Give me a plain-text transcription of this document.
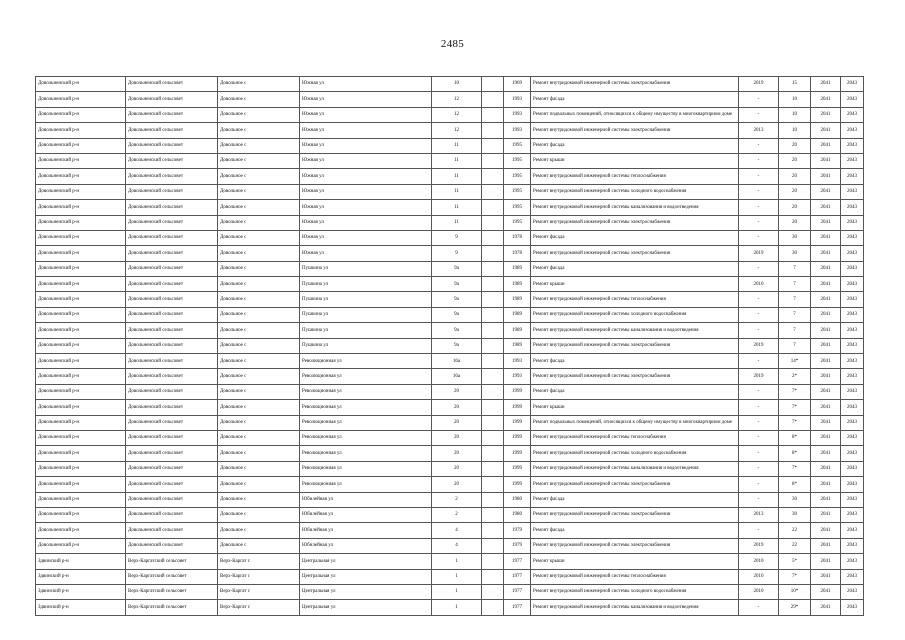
2485
Довольненский р-н	Довольненский сельсовет	Довольное с	Южная ул	10		1969	Ремонт внутридомовой инженерной системы электроснабжения	2019	15	2041	2043
Довольненский р-н	Довольненский сельсовет	Довольное с	Южная ул	12		1993	Ремонт фасада	-	10	2041	2043
Довольненский р-н	Довольненский сельсовет	Довольное с	Южная ул	12		1993	Ремонт подвальных помещений, относящихся к общему имуществу в многоквартирном доме	-	10	2041	2043
Довольненский р-н	Довольненский сельсовет	Довольное с	Южная ул	12		1993	Ремонт внутридомовой инженерной системы электроснабжения	2013	10	2041	2043
Довольненский р-н	Довольненский сельсовет	Довольное с	Южная ул	11		1995	Ремонт фасада	-	20	2041	2043
Довольненский р-н	Довольненский сельсовет	Довольное с	Южная ул	11		1995	Ремонт крыши	-	20	2041	2043
Довольненский р-н	Довольненский сельсовет	Довольное с	Южная ул	11		1995	Ремонт внутридомовой инженерной системы теплоснабжения	-	20	2041	2043
Довольненский р-н	Довольненский сельсовет	Довольное с	Южная ул	11		1995	Ремонт внутридомовой инженерной системы холодного водоснабжения	-	20	2041	2043
Довольненский р-н	Довольненский сельсовет	Довольное с	Южная ул	11		1995	Ремонт внутридомовой инженерной системы канализования и водоотведения	-	20	2041	2043
Довольненский р-н	Довольненский сельсовет	Довольное с	Южная ул	11		1995	Ремонт внутридомовой инженерной системы электроснабжения	-	20	2041	2043
Довольненский р-н	Довольненский сельсовет	Довольное с	Южная ул	9		1978	Ремонт фасада	-	30	2041	2043
Довольненский р-н	Довольненский сельсовет	Довольное с	Южная ул	9		1978	Ремонт внутридомовой инженерной системы электроснабжения	2019	30	2041	2043
Довольненский р-н	Довольненский сельсовет	Довольное с	Пушкина ул	9а		1989	Ремонт фасада	-	7	2041	2043
Довольненский р-н	Довольненский сельсовет	Довольное с	Пушкина ул	9а		1989	Ремонт крыши	2010	7	2041	2043
Довольненский р-н	Довольненский сельсовет	Довольное с	Пушкина ул	9а		1989	Ремонт внутридомовой инженерной системы теплоснабжения	-	7	2041	2043
Довольненский р-н	Довольненский сельсовет	Довольное с	Пушкина ул	9а		1989	Ремонт внутридомовой инженерной системы холодного водоснабжения	-	7	2041	2043
Довольненский р-н	Довольненский сельсовет	Довольное с	Пушкина ул	9а		1989	Ремонт внутридомовой инженерной системы канализования и водоотведения	-	7	2041	2043
Довольненский р-н	Довольненский сельсовет	Довольное с	Пушкина ул	9а		1989	Ремонт внутридомовой инженерной системы электроснабжения	2019	7	2041	2043
Довольненский р-н	Довольненский сельсовет	Довольное с	Революционная ул	16а		1993	Ремонт фасада	-	14*	2041	2043
Довольненский р-н	Довольненский сельсовет	Довольное с	Революционная ул	16а		1993	Ремонт внутридомовой инженерной системы электроснабжения	2019	2*	2041	2043
Довольненский р-н	Довольненский сельсовет	Довольное с	Революционная ул	20		1999	Ремонт фасада	-	7*	2041	2043
Довольненский р-н	Довольненский сельсовет	Довольное с	Революционная ул	20		1999	Ремонт крыши	-	7*	2041	2043
Довольненский р-н	Довольненский сельсовет	Довольное с	Революционная ул	20		1999	Ремонт подвальных помещений, относящихся к общему имуществу в многоквартирном доме	-	7*	2041	2043
Довольненский р-н	Довольненский сельсовет	Довольное с	Революционная ул	20		1999	Ремонт внутридомовой инженерной системы теплоснабжения	-	8*	2041	2043
Довольненский р-н	Довольненский сельсовет	Довольное с	Революционная ул	20		1999	Ремонт внутридомовой инженерной системы холодного водоснабжения	-	8*	2041	2043
Довольненский р-н	Довольненский сельсовет	Довольное с	Революционная ул	20		1999	Ремонт внутридомовой инженерной системы канализования и водоотведения	-	7*	2041	2043
Довольненский р-н	Довольненский сельсовет	Довольное с	Революционная ул	20		1999	Ремонт внутридомовой инженерной системы электроснабжения	-	8*	2041	2043
Довольненский р-н	Довольненский сельсовет	Довольное с	Юбилейная ул	2		1980	Ремонт фасада	-	30	2041	2043
Довольненский р-н	Довольненский сельсовет	Довольное с	Юбилейная ул	2		1980	Ремонт внутридомовой инженерной системы электроснабжения	2013	30	2041	2043
Довольненский р-н	Довольненский сельсовет	Довольное с	Юбилейная ул	4		1979	Ремонт фасада	-	22	2041	2043
Довольненский р-н	Довольненский сельсовет	Довольное с	Юбилейная ул	4		1979	Ремонт внутридомовой инженерной системы электроснабжения	2019	22	2041	2043
Здвинский р-н	Верх-Каргатский сельсовет	Верх-Каргат с	Центральная ул	1		1977	Ремонт крыши	2010	5*	2041	2043
Здвинский р-н	Верх-Каргатский сельсовет	Верх-Каргат с	Центральная ул	1		1977	Ремонт внутридомовой инженерной системы теплоснабжения	2010	7*	2041	2043
Здвинский р-н	Верх-Каргатский сельсовет	Верх-Каргат с	Центральная ул	1		1977	Ремонт внутридомовой инженерной системы холодного водоснабжения	2010	10*	2041	2043
Здвинский р-н	Верх-Каргатский сельсовет	Верх-Каргат с	Центральная ул	1		1977	Ремонт внутридомовой инженерной системы канализования и водоотведения	-	29*	2041	2043
